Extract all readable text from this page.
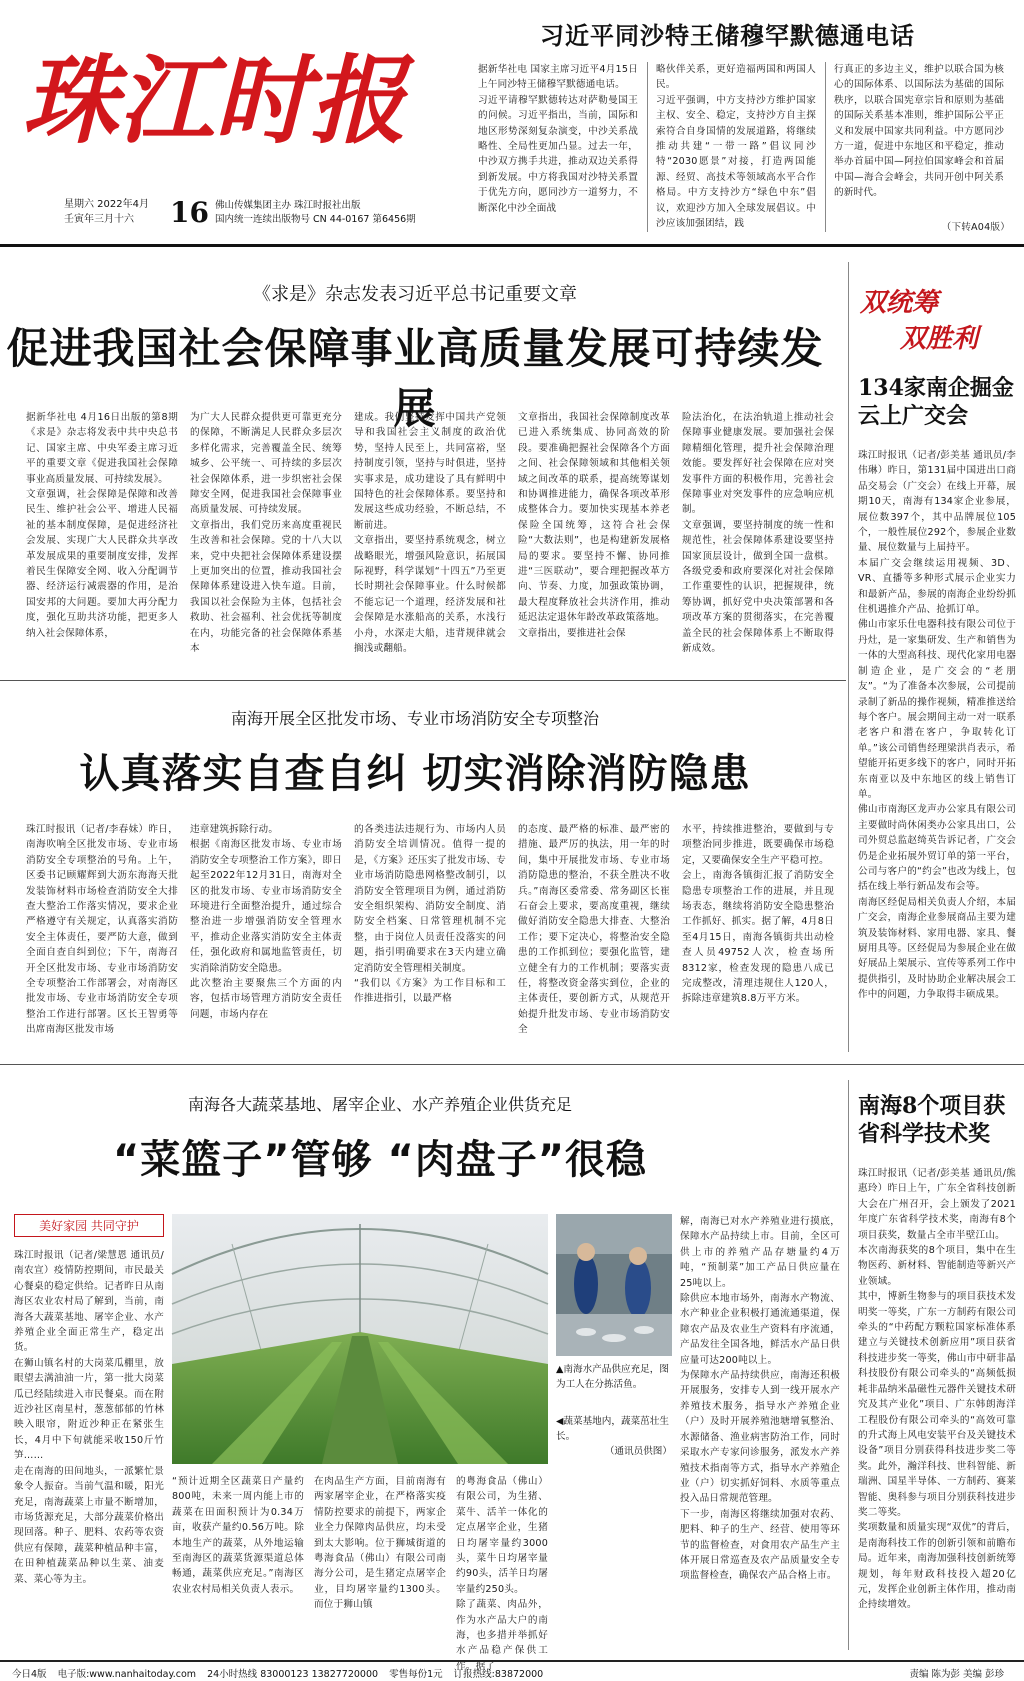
珠江时报
习近平同沙特王储穆罕默德通电话
据新华社电 国家主席习近平4月15日上午同沙特王储穆罕默德通电话。
习近平请穆罕默德转达对萨勒曼国王的问候。习近平指出，当前，国际和地区形势深刻复杂演变，中沙关系战略性、全局性更加凸显。过去一年，中沙双方携手共进，推动双边关系得到新发展。中方将我国对沙特关系置于优先方向，愿同沙方一道努力，不断深化中沙全面战
略伙伴关系，更好造福两国和两国人民。
习近平强调，中方支持沙方维护国家主权、安全、稳定，支持沙方自主探索符合自身国情的发展道路，将继续推动共建“一带一路”倡议同沙特“2030愿景”对接，打造两国能源、经贸、高技术等领域高水平合作格局。中方支持沙方“绿色中东”倡议，欢迎沙方加入全球发展倡议。中沙应该加强团结，践
行真正的多边主义，维护以联合国为核心的国际体系、以国际法为基础的国际秩序，以联合国宪章宗旨和原则为基础的国际关系基本准则，维护国际公平正义和发展中国家共同利益。中方愿同沙方一道，促进中东地区和平稳定，推动举办首届中国—阿拉伯国家峰会和首届中国—海合会峰会，共同开创中阿关系的新时代。
（下转A04版）
星期六 2022年4月
壬寅年三月十六	16 佛山传媒集团主办 珠江时报社出版
国内统一连续出版物号 CN 44-0167 第6456期
《求是》杂志发表习近平总书记重要文章
促进我国社会保障事业高质量发展可持续发展
据新华社电 4月16日出版的第8期《求是》杂志将发表中共中央总书记、国家主席、中央军委主席习近平的重要文章《促进我国社会保障事业高质量发展、可持续发展》。
文章强调，社会保障是保障和改善民生、维护社会公平、增进人民福祉的基本制度保障，是促进经济社会发展、实现广大人民群众共享改革发展成果的重要制度安排，发挥着民生保障安全网、收入分配调节器、经济运行减震器的作用，是治国安邦的大问题。要加大再分配力度，强化互助共济功能，把更多人纳入社会保障体系，
为广大人民群众提供更可靠更充分的保障，不断满足人民群众多层次多样化需求，完善覆盖全民、统筹城乡、公平统一、可持续的多层次社会保障体系，进一步织密社会保障安全网，促进我国社会保障事业高质量发展、可持续发展。
文章指出，我们党历来高度重视民生改善和社会保障。党的十八大以来，党中央把社会保障体系建设摆上更加突出的位置，推动我国社会保障体系建设进入快车道。目前，我国以社会保险为主体，包括社会救助、社会福利、社会优抚等制度在内，功能完备的社会保障体系基本
建成。我们坚持发挥中国共产党领导和我国社会主义制度的政治优势，坚持人民至上，共同富裕，坚持制度引领，坚持与时俱进，坚持实事求是，成功建设了具有鲜明中国特色的社会保障体系。要坚持和发展这些成功经验，不断总结，不断前进。
文章指出，要坚持系统观念，树立战略眼光，增强风险意识，拓展国际视野，科学谋划“十四五”乃至更长时期社会保障事业。什么时候都不能忘记一个道理，经济发展和社会保障是水涨船高的关系，水浅行小舟，水深走大船，违背规律就会搁浅或翻船。
文章指出，我国社会保障制度改革已进入系统集成、协同高效的阶段。要准确把握社会保障各个方面之间、社会保障领域和其他相关领域之间改革的联系，提高统筹谋划和协调推进能力，确保各项改革形成整体合力。要加快实现基本养老保险全国统筹，这符合社会保险“大数法则”，也是构建新发展格局的要求。要坚持不懈、协同推进“三医联动”，要合理把握改革方向、节奏、力度，加强政策协调，最大程度释放社会共济作用，推动延迟法定退休年龄改革政策落地。
文章指出，要推进社会保
险法治化，在法治轨道上推动社会保障事业健康发展。要加强社会保障精细化管理，提升社会保障治理效能。要发挥好社会保障在应对突发事件方面的积极作用，完善社会保障事业对突发事件的应急响应机制。
文章强调，要坚持制度的统一性和规范性，社会保障体系建设要坚持国家顶层设计，做到全国一盘棋。各级党委和政府要深化对社会保障工作重要性的认识，把握规律，统筹协调，抓好党中央决策部署和各项改革方案的贯彻落实，在完善覆盖全民的社会保障体系上不断取得新成效。
双统筹
双胜利
134家南企掘金云上广交会
珠江时报讯（记者/彭美基 通讯员/李伟琳）昨日，第131届中国进出口商品交易会（广交会）在线上开幕，展期10天，南海有134家企业参展，展位数397个，其中品牌展位105个，一般性展位292个，参展企业数量、展位数量与上届持平。
本届广交会继续运用视频、3D、VR、直播等多种形式展示企业实力和最新产品，参展的南海企业纷纷抓住机遇推介产品、抢抓订单。
佛山市家乐仕电器科技有限公司位于丹灶，是一家集研发、生产和销售为一体的大型高科技、现代化家用电器制造企业，是广交会的“老朋友”。“为了准备本次参展，公司提前录制了新品的操作视频，精准推送给每个客户。展会期间主动一对一联系老客户和潜在客户，争取转化订单。”该公司销售经理梁洪肖表示，希望能开拓更多线下的客户，同时开拓东南亚以及中东地区的线上销售订单。
佛山市南海区龙声办公家具有限公司主要做时尚休闲类办公家具出口，公司外贸总监赵绮英告诉记者，广交会仍是企业拓展外贸订单的第一平台，公司与客户的“约会”也改为线上，包括在线上举行新品发布会等。
南海区经促局相关负责人介绍，本届广交会，南海企业参展商品主要为建筑及装饰材料、家用电器、家具、餐厨用具等。区经促局为参展企业在做好展品上架展示、宣传等系列工作中提供指引，及时协助企业解决展会工作中的问题，力争取得丰硕成果。
南海开展全区批发市场、专业市场消防安全专项整治
认真落实自查自纠 切实消除消防隐患
珠江时报讯（记者/李春妹）昨日，南海吹响全区批发市场、专业市场消防安全专项整治的号角。上午，区委书记顾耀辉到大沥东海海天批发装饰材料市场检查消防安全大排查大整治工作落实情况，要求企业严格遵守有关规定，认真落实消防安全主体责任，要严防大意，做到全面自查自纠到位；下午，南海召开全区批发市场、专业市场消防安全专项整治工作部署会，对南海区批发市场、专业市场消防安全专项整治工作进行部署。区长王智勇等出席南海区批发市场
违章建筑拆除行动。
根据《南海区批发市场、专业市场消防安全专项整治工作方案》，即日起至2022年12月31日，南海对全区的批发市场、专业市场消防安全环境进行全面整治提升，通过综合整治进一步增强消防安全管理水平，推动企业落实消防安全主体责任，强化政府和属地监管责任，切实消除消防安全隐患。
此次整治主要聚焦三个方面的内容，包括市场管理方消防安全责任问题，市场内存在
的各类违法违规行为、市场内人员消防安全培训情况。值得一提的是，《方案》还压实了批发市场、专业市场消防隐患网格整改制引，以消防安全管理项目为例，通过消防安全组织架构、消防安全制度、消防安全档案、日常管理机制不完整，由于岗位人员责任没落实的问题，指引明确要求在3天内建立确定消防安全管理相关制度。
“我们以《方案》为工作目标和工作推进指引，以最严格
的态度、最严格的标准、最严密的措施、最严厉的执法，用一年的时间，集中开展批发市场、专业市场消防隐患的整治，不获全胜决不收兵。”南海区委常委、常务副区长崔石奋会上要求，要高度重视，继续做好消防安全隐患大排查、大整治工作；要下定决心，将整治安全隐患的工作抓到位；要强化监管，建立健全有力的工作机制；要落实责任，将整改资金落实到位，企业的主体责任，要创新方式，从规范开始提升批发市场、专业市场消防安全
水平，持续推进整治，要做到与专项整治同步推进，既要确保市场稳定，又要确保安全生产平稳可控。
会上，南海各镇街汇报了消防安全隐患专项整治工作的进展，并且现场表态，继续将消防安全隐患整治工作抓好、抓实。据了解，4月8日至4月15日，南海各镇街共出动检查人员49752人次，检查场所8312家，检查发现的隐患八成已完成整改，清理违规住人120人，拆除违章建筑8.8万平方米。
南海8个项目获省科学技术奖
珠江时报讯（记者/彭美基 通讯员/熊惠玲）昨日上午，广东全省科技创新大会在广州召开，会上颁发了2021年度广东省科学技术奖，南海有8个项目获奖，数量占全市半壁江山。
本次南海获奖的8个项目，集中在生物医药、新材料、智能制造等新兴产业领域。
其中，博新生物参与的项目获技术发明奖一等奖，广东一方制药有限公司牵头的“中药配方颗粒国家标准体系建立与关键技术创新应用”项目获省科技进步奖一等奖，佛山市中研非晶科技股份有限公司牵头的“高频低损耗非晶纳米晶磁性元器件关键技术研究及其产业化”项目、广东韩朗海洋工程股份有限公司牵头的“高效可靠的升式海上风电安装平台及关键技术设备”项目分别获得科技进步奖二等奖。此外，瀚洋科技、世科智能、新瑞洲、国星半导体、一方制药、赛莱智能、奥科参与项目分别获科技进步奖二等奖。
奖项数量和质量实现“双优”的背后，是南海科技工作的创新引领和前瞻布局。近年来，南海加强科技创新统筹规划，每年财政科技投入超20亿元，发挥企业创新主体作用，推动南企持续增效。
南海各大蔬菜基地、屠宰企业、水产养殖企业供货充足
“菜篮子”管够 “肉盘子”很稳
美好家园 共同守护
珠江时报讯（记者/梁慧恩 通讯员/南农宣）疫情防控期间，市民最关心餐桌的稳定供给。记者昨日从南海区农业农村局了解到，当前，南海各大蔬菜基地、屠宰企业、水产养殖企业全面正常生产，稳定出货。
在狮山镇名村的大岗菜瓜棚里，放眼望去满油油一片，第一批大岗菜瓜已经陆续进入市民餐桌。而在附近沙社区南星村，葱葱郁郁的竹林映入眼帘，附近沙种正在紧张生长，4月中下旬就能采收150斤竹笋……
走在南海的田间地头，一派繁忙景象令人振奋。当前气温和暖，阳光充足，南海蔬菜上市量不断增加，市场货源充足，大部分蔬菜价格出现回落。种子、肥料、农药等农资供应有保障，蔬菜种植品种丰富，在田种植蔬菜品种以生菜、油麦菜、菜心等为主。
▲南海水产品供应充足，图为工人在分拣活鱼。
◀蔬菜基地内，蔬菜茁壮生长。
（通讯员供图）
“预计近期全区蔬菜日产量约800吨，未来一周内能上市的蔬菜在田面积预计为0.34万亩，收获产量约0.56万吨。除本地生产的蔬菜，从外地运输至南海区的蔬菜货源渠道总体畅通，蔬菜供应充足。”南海区农业农村局相关负责人表示。
在肉品生产方面，目前南海有两家屠宰企业，在严格落实疫情防控要求的前提下，两家企业全力保障肉品供应，均未受到太大影响。位于狮城街道的粤海食品（佛山）有限公司南海分公司，是生猪定点屠宰企业，目均屠宰量约1300头。而位于狮山镇
的粤海食品（佛山）有限公司，为生猪、菜牛、活羊一体化的定点屠宰企业，生猪日均屠宰量约3000头，菜牛日均屠宰量约90头，活羊日均屠宰量约250头。
除了蔬菜、肉品外，作为水产品大户的南海，也多措并举抓好水产品稳产保供工作。据了
解，南海已对水产养殖业进行摸底，保障水产品持续上市。目前，全区可供上市的养殖产品存塘量约4万吨，“预制菜”加工产品日供应量在25吨以上。
除供应本地市场外，南海水产物流、水产种业企业积极打通流通渠道，保障农产品及农业生产资料有序流通，产品发往全国各地，鲜活水产品日供应量可达200吨以上。
为保障水产品持续供应，南海还积极开展服务，安排专人到一线开展水产养殖技术服务，指导水产养殖企业（户）及时开展养殖池塘增氧整治、水源储备、渔业病害防治工作，同时采取水产专家问诊服务，派发水产养殖技术指南等方式，指导水产养殖企业（户）切实抓好饲料、水质等重点投入品日常规范管理。
下一步，南海区将继续加强对农药、肥料、种子的生产、经营、使用等环节的监督检查，对食用农产品生产主体开展日常巡查及农产品质量安全专项监督检查，确保农产品合格上市。
今日4版 电子版:www.nanhaitoday.com 24小时热线 83000123 13827720000 零售每份1元 订报热线:83872000	责编 陈为彭 美编 彭珍
